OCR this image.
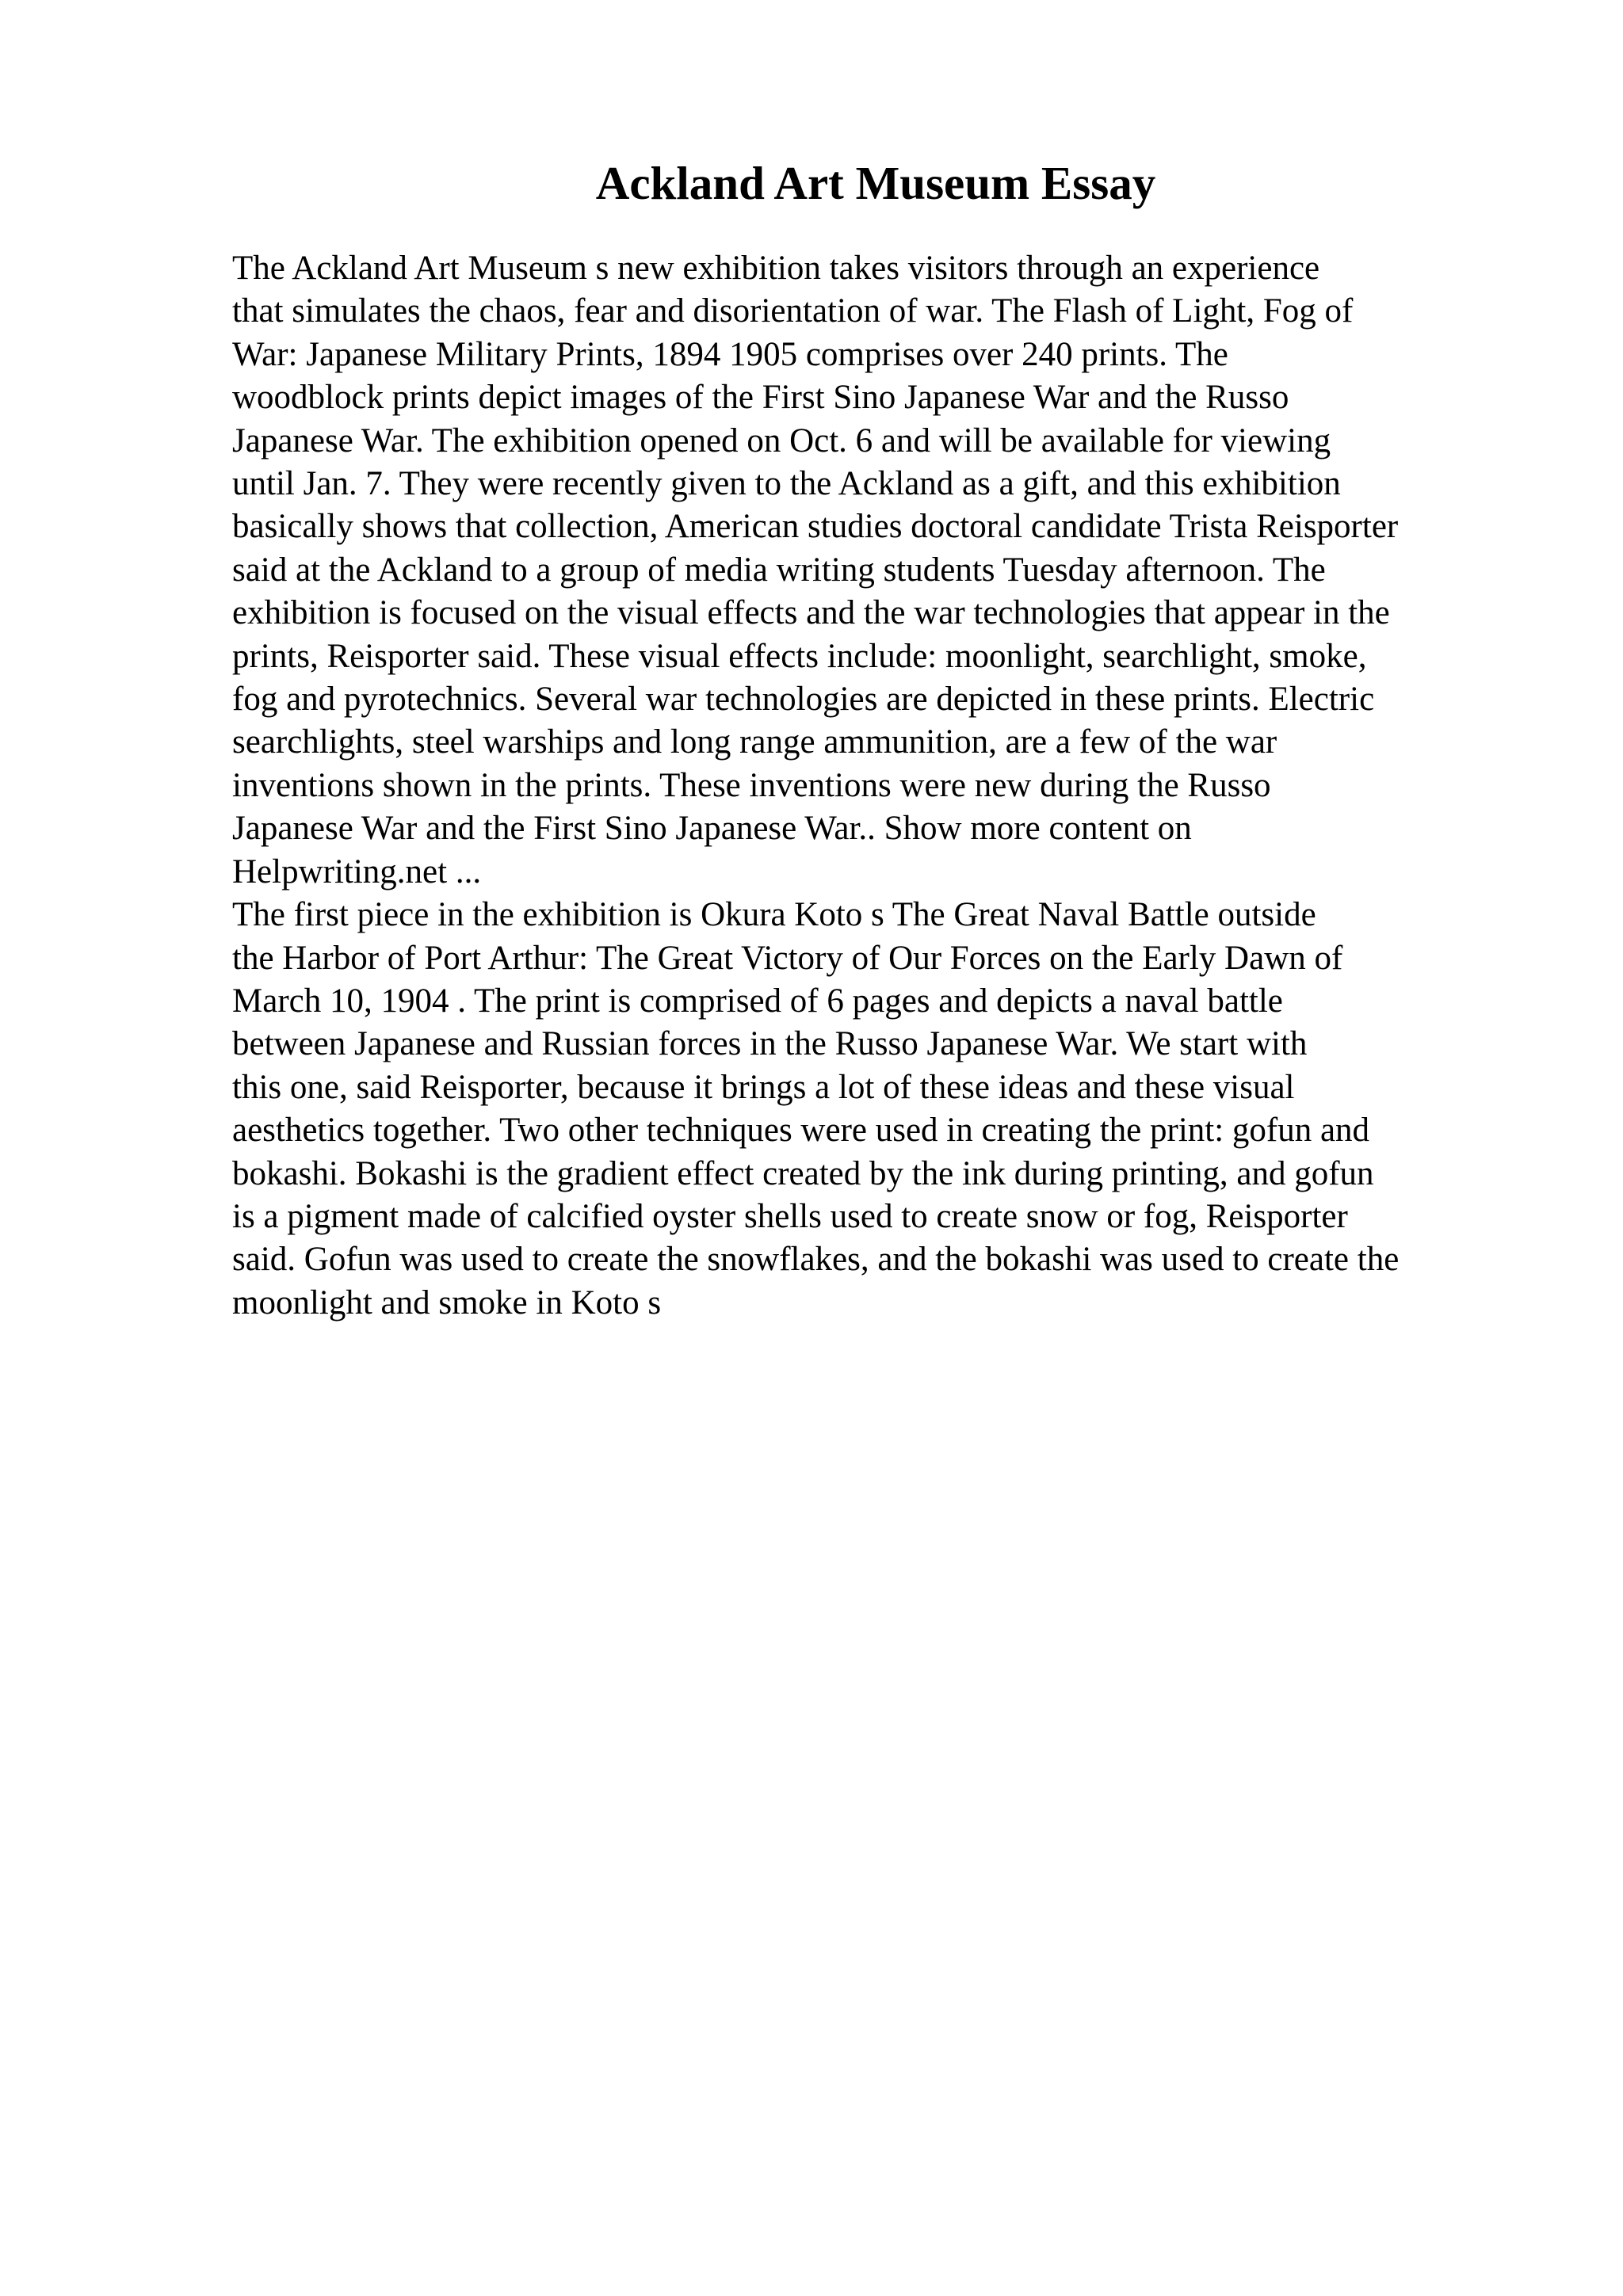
Ackland Art Museum Essay
The Ackland Art Museum s new exhibition takes visitors through an experience
that simulates the chaos, fear and disorientation of war. The Flash of Light, Fog of
War: Japanese Military Prints, 1894 1905 comprises over 240 prints. The
woodblock prints depict images of the First Sino Japanese War and the Russo
Japanese War. The exhibition opened on Oct. 6 and will be available for viewing
until Jan. 7. They were recently given to the Ackland as a gift, and this exhibition
basically shows that collection, American studies doctoral candidate Trista Reisporter
said at the Ackland to a group of media writing students Tuesday afternoon. The
exhibition is focused on the visual effects and the war technologies that appear in the
prints, Reisporter said. These visual effects include: moonlight, searchlight, smoke,
fog and pyrotechnics. Several war technologies are depicted in these prints. Electric
searchlights, steel warships and long range ammunition, are a few of the war
inventions shown in the prints. These inventions were new during the Russo
Japanese War and the First Sino Japanese War.. Show more content on
Helpwriting.net ...
The first piece in the exhibition is Okura Koto s The Great Naval Battle outside
the Harbor of Port Arthur: The Great Victory of Our Forces on the Early Dawn of
March 10, 1904 . The print is comprised of 6 pages and depicts a naval battle
between Japanese and Russian forces in the Russo Japanese War. We start with
this one, said Reisporter, because it brings a lot of these ideas and these visual
aesthetics together. Two other techniques were used in creating the print: gofun and
bokashi. Bokashi is the gradient effect created by the ink during printing, and gofun
is a pigment made of calcified oyster shells used to create snow or fog, Reisporter
said. Gofun was used to create the snowflakes, and the bokashi was used to create the
moonlight and smoke in Koto s
